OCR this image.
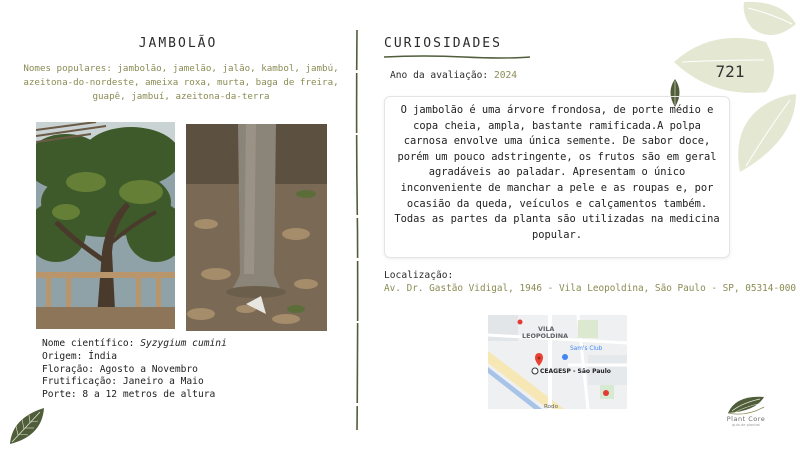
JAMBOLÃO
Nomes populares: jambolão, jamelão, jalão, kambol, jambú, azeitona-do-nordeste, ameixa roxa, murta, baga de freira, guapê, jambuí, azeitona-da-terra
Nome científico: Syzygium cumini
Origem: Índia
Floração: Agosto a Novembro
Frutificação: Janeiro a Maio
Porte: 8 a 12 metros de altura
CURIOSIDADES
Ano da avaliação: 2024
O jambolão é uma árvore frondosa, de porte médio e copa cheia, ampla, bastante ramificada.A polpa carnosa envolve uma única semente. De sabor doce, porém um pouco adstringente, os frutos são em geral agradáveis ao paladar. Apresentam o único inconveniente de manchar a pele e as roupas e, por ocasião da queda, veículos e calçamentos também. Todas as partes da planta são utilizadas na medicina popular.
Localização:
Av. Dr. Gastão Vidigal, 1946 - Vila Leopoldina, São Paulo - SP, 05314-000
VILA
LEOPOLDINA
Sam's Club
CEAGESP - São Paulo
Rodo
721
Plant Core
guia de plantas
